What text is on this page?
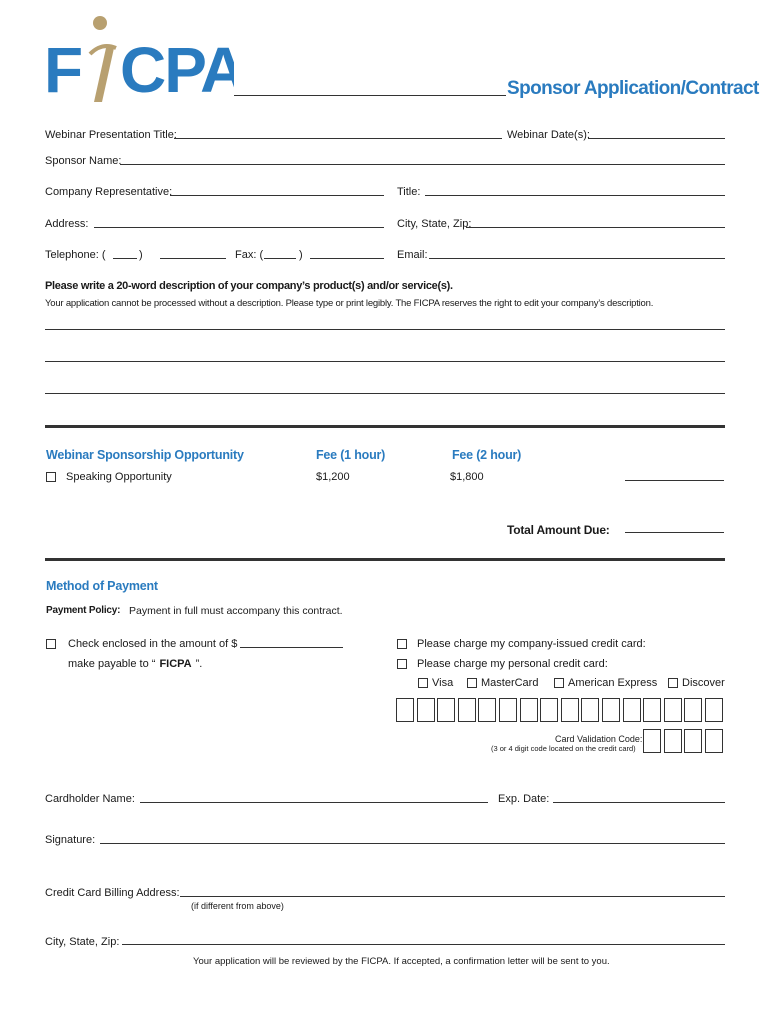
F CPA	Sponsor Application/Contract
Webinar Presentation Title:	Webinar Date(s):
Sponsor Name:
Company Representative:	Title:
Address:	City, State, Zip:
Telephone: (	)	Fax: (	)	Email:
Please write a 20-word description of your company’s product(s) and/or service(s).
Your application cannot be processed without a description. Please type or print legibly. The FICPA reserves the right to edit your company’s description.
Webinar Sponsorship Opportunity	Fee (1 hour)	Fee (2 hour)
Speaking Opportunity	$1,200	$1,800
Total Amount Due:
Method of Payment
Payment Policy: Payment in full must accompany this contract.
Check enclosed in the amount of $
make payable to “ FICPA ”.
Please charge my company-issued credit card:
Please charge my personal credit card:
Visa	MasterCard	American Express Discover
Card Validation Code:
(3 or 4 digit code located on the credit card)
Cardholder Name:	Exp. Date:
Signature:
Credit Card Billing Address:
(if different from above)
City, State, Zip:
Your application will be reviewed by the FICPA. If accepted, a confirmation letter will be sent to you.
